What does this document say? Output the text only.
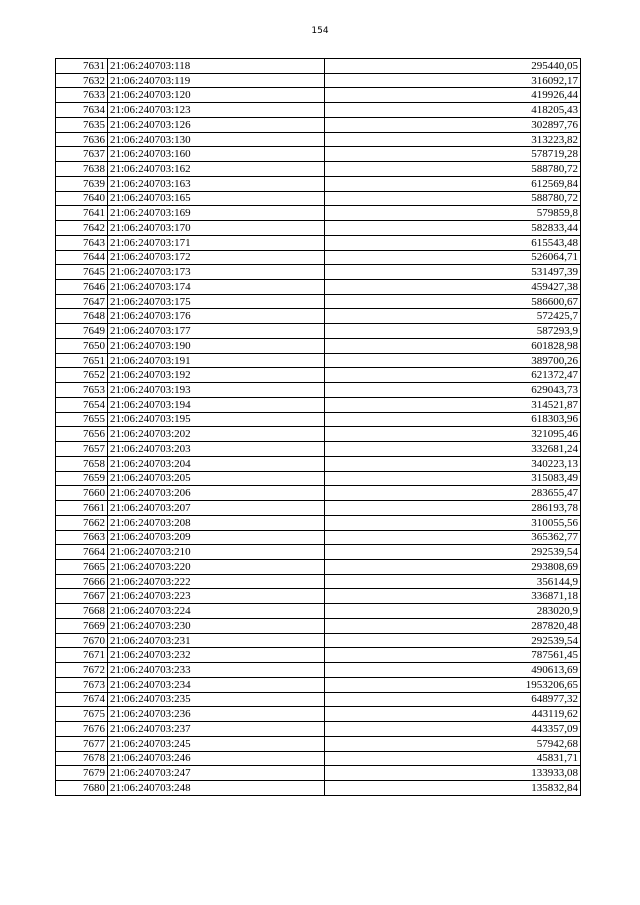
154
7631	21:06:240703:118	295440,05
7632	21:06:240703:119	316092,17
7633	21:06:240703:120	419926,44
7634	21:06:240703:123	418205,43
7635	21:06:240703:126	302897,76
7636	21:06:240703:130	313223,82
7637	21:06:240703:160	578719,28
7638	21:06:240703:162	588780,72
7639	21:06:240703:163	612569,84
7640	21:06:240703:165	588780,72
7641	21:06:240703:169	579859,8
7642	21:06:240703:170	582833,44
7643	21:06:240703:171	615543,48
7644	21:06:240703:172	526064,71
7645	21:06:240703:173	531497,39
7646	21:06:240703:174	459427,38
7647	21:06:240703:175	586600,67
7648	21:06:240703:176	572425,7
7649	21:06:240703:177	587293,9
7650	21:06:240703:190	601828,98
7651	21:06:240703:191	389700,26
7652	21:06:240703:192	621372,47
7653	21:06:240703:193	629043,73
7654	21:06:240703:194	314521,87
7655	21:06:240703:195	618303,96
7656	21:06:240703:202	321095,46
7657	21:06:240703:203	332681,24
7658	21:06:240703:204	340223,13
7659	21:06:240703:205	315083,49
7660	21:06:240703:206	283655,47
7661	21:06:240703:207	286193,78
7662	21:06:240703:208	310055,56
7663	21:06:240703:209	365362,77
7664	21:06:240703:210	292539,54
7665	21:06:240703:220	293808,69
7666	21:06:240703:222	356144,9
7667	21:06:240703:223	336871,18
7668	21:06:240703:224	283020,9
7669	21:06:240703:230	287820,48
7670	21:06:240703:231	292539,54
7671	21:06:240703:232	787561,45
7672	21:06:240703:233	490613,69
7673	21:06:240703:234	1953206,65
7674	21:06:240703:235	648977,32
7675	21:06:240703:236	443119,62
7676	21:06:240703:237	443357,09
7677	21:06:240703:245	57942,68
7678	21:06:240703:246	45831,71
7679	21:06:240703:247	133933,08
7680	21:06:240703:248	135832,84
